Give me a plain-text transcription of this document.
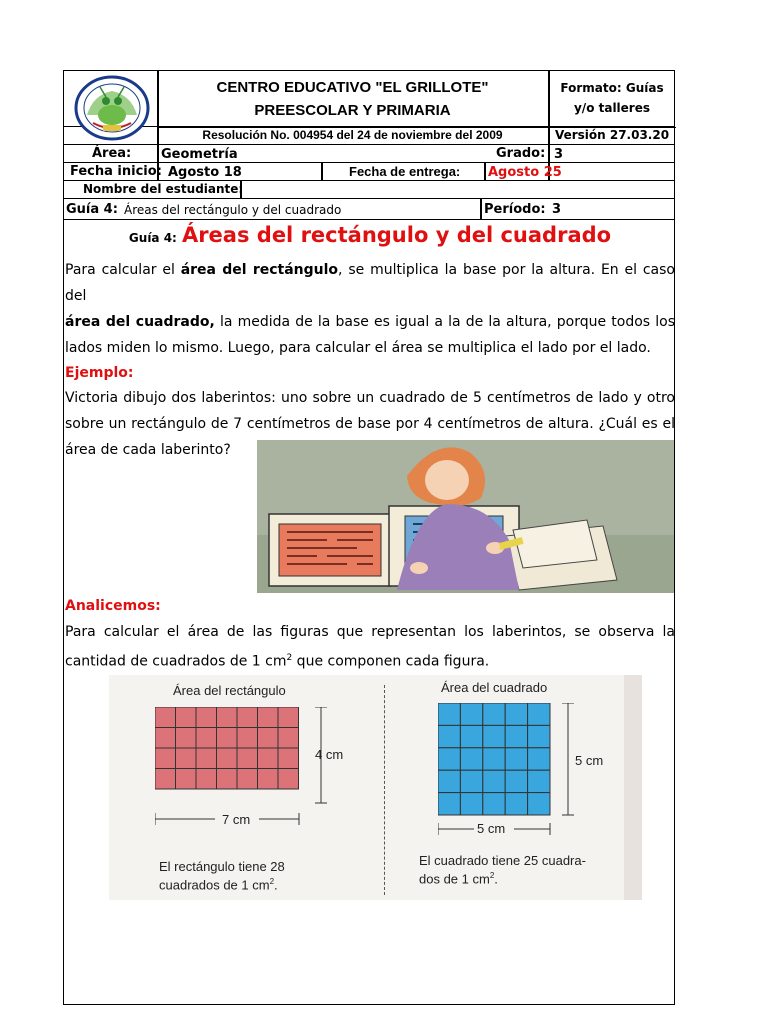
CENTRO EDUCATIVO "EL GRILLOTE"
PREESCOLAR Y PRIMARIA
Formato: Guías
y/o talleres
Resolución No. 004954 del 24 de noviembre del 2009	Versión 27.03.20
Área: Geometría	Grado: 3
Fecha inicio: Agosto 18	Fecha de entrega: Agosto 25
Nombre del estudiante:
Guía 4: Áreas del rectángulo y del cuadrado	Período: 3
Guía 4: Áreas del rectángulo y del cuadrado
Para calcular el área del rectángulo, se multiplica la base por la altura. En el caso del
área del cuadrado, la medida de la base es igual a la de la altura, porque todos los
lados miden lo mismo. Luego, para calcular el área se multiplica el lado por el lado.
Ejemplo:
Victoria dibujo dos laberintos: uno sobre un cuadrado de 5 centímetros de lado y otro
sobre un rectángulo de 7 centímetros de base por 4 centímetros de altura. ¿Cuál es el
área de cada laberinto?
Analicemos:
Para calcular el área de las figuras que representan los laberintos, se observa la
cantidad de cuadrados de 1 $cm^2$ que componen cada figura.
Área del rectángulo
4 cm
7 cm
El rectángulo tiene 28
cuadrados de 1 $cm^2$.
Área del cuadrado
5 cm
5 cm
El cuadrado tiene 25 cuadra-
dos de 1 $cm^2$.
